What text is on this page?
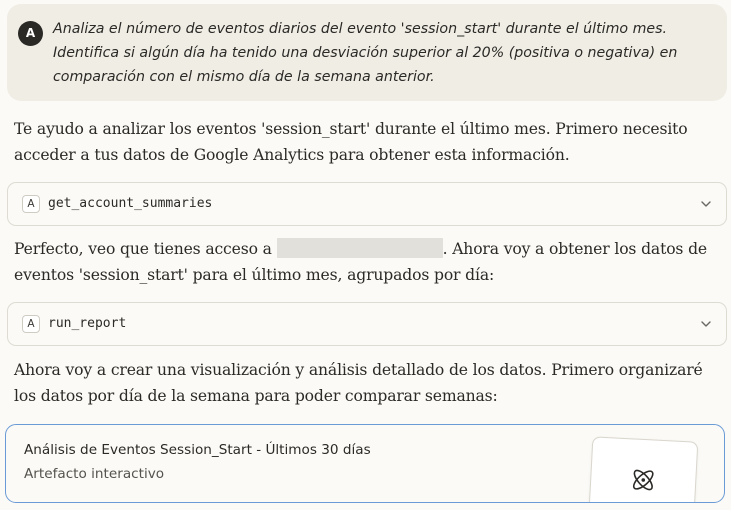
A	Analiza el número de eventos diarios del evento 'session_start' durante el último mes. Identifica si algún día ha tenido una desviación superior al 20% (positiva o negativa) en comparación con el mismo día de la semana anterior.

Te ayudo a analizar los eventos 'session_start' durante el último mes. Primero necesito acceder a tus datos de Google Analytics para obtener esta información.

A	get_account_summaries

Perfecto, veo que tienes acceso a	. Ahora voy a obtener los datos de eventos 'session_start' para el último mes, agrupados por día:

A	run_report

Ahora voy a crear una visualización y análisis detallado de los datos. Primero organizaré los datos por día de la semana para poder comparar semanas:

Análisis de Eventos Session_Start - Últimos 30 días
Artefacto interactivo
